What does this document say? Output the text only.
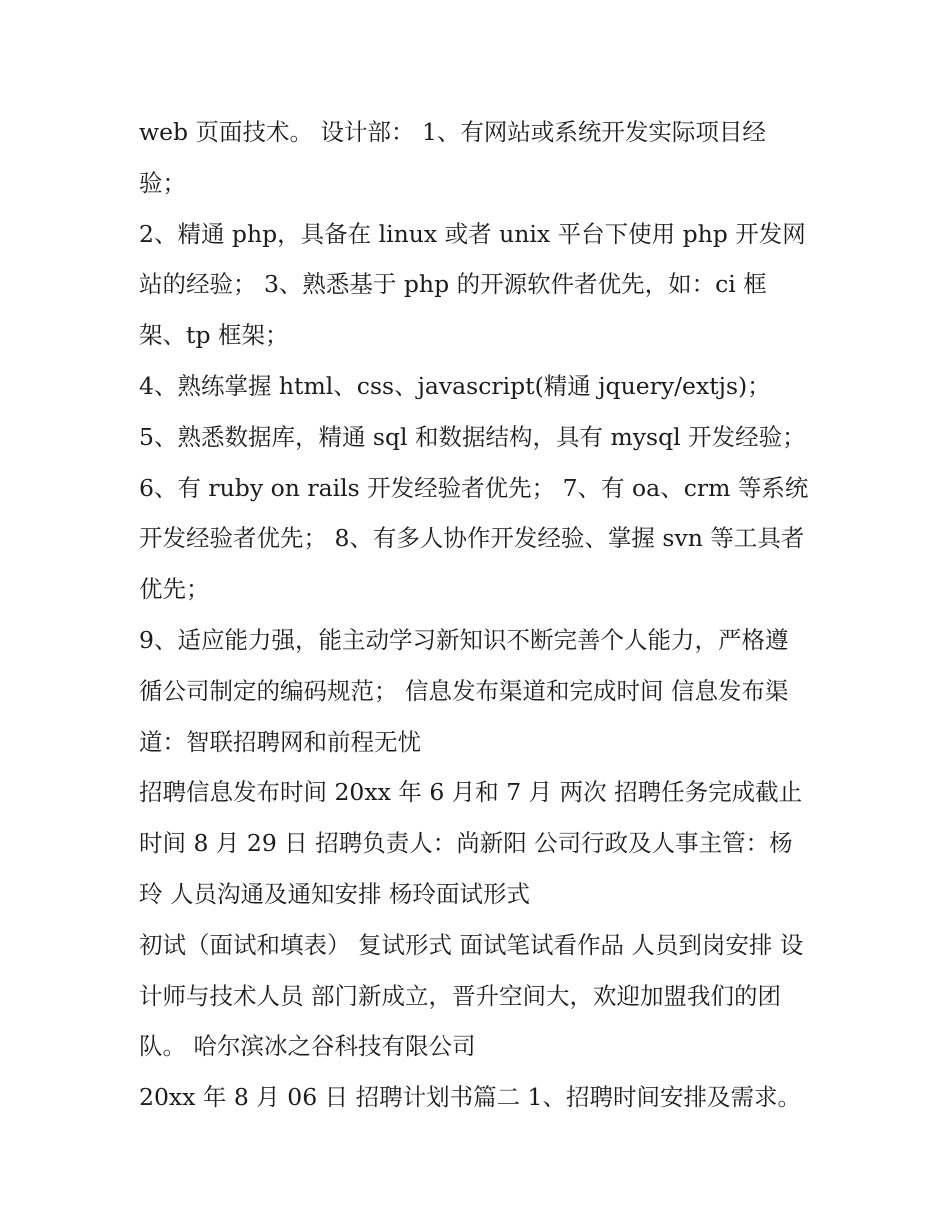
web 页面技术。 设计部： 1、有网站或系统开发实际项目经验；

2、精通 php，具备在 linux 或者 unix 平台下使用 php 开发网站的经验； 3、熟悉基于 php 的开源软件者优先，如：ci 框架、tp 框架；

4、熟练掌握 html、css、javascript(精通 jquery/extjs)； 5、熟悉数据库，精通 sql 和数据结构，具有 mysql 开发经验；

6、有 ruby on rails 开发经验者优先； 7、有 oa、crm 等系统开发经验者优先； 8、有多人协作开发经验、掌握 svn 等工具者优先；

9、适应能力强，能主动学习新知识不断完善个人能力，严格遵循公司制定的编码规范； 信息发布渠道和完成时间 信息发布渠道：智联招聘网和前程无忧

招聘信息发布时间 20xx 年 6 月和 7 月 两次 招聘任务完成截止时间 8 月 29 日 招聘负责人：尚新阳 公司行政及人事主管：杨玲 人员沟通及通知安排 杨玲面试形式

初试（面试和填表） 复试形式 面试笔试看作品 人员到岗安排 设计师与技术人员 部门新成立，晋升空间大，欢迎加盟我们的团队。 哈尔滨冰之谷科技有限公司

20xx 年 8 月 06 日 招聘计划书篇二 1、招聘时间安排及需求。
